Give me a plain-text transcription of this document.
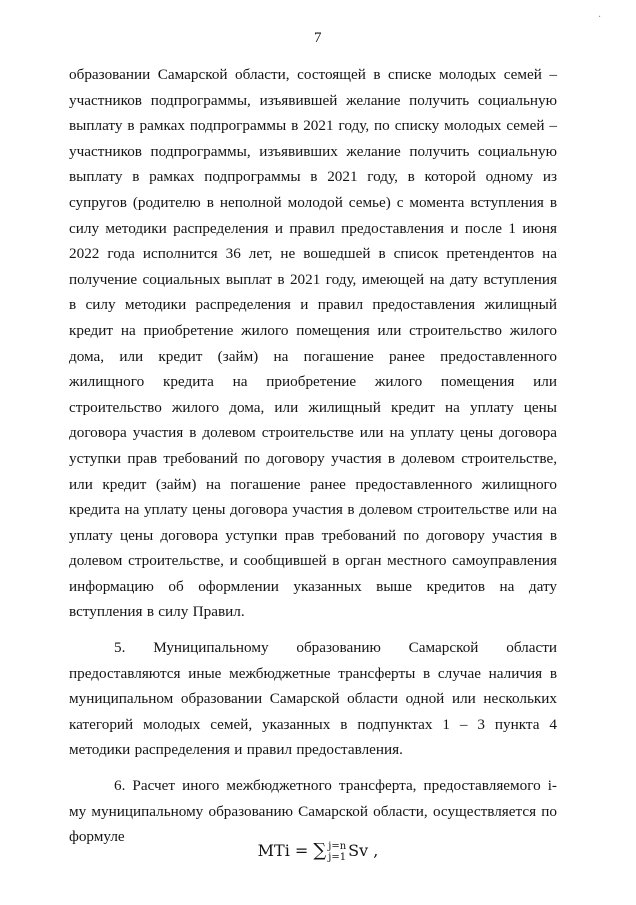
7

образовании Самарской области, состоящей в списке молодых семей – участников подпрограммы, изъявившей желание получить социальную выплату в рамках подпрограммы в 2021 году, по списку молодых семей – участников подпрограммы, изъявивших желание получить социальную выплату в рамках подпрограммы в 2021 году, в которой одному из супругов (родителю в неполной молодой семье) с момента вступления в силу методики распределения и правил предоставления и после 1 июня 2022 года исполнится 36 лет, не вошедшей в список претендентов на получение социальных выплат в 2021 году, имеющей на дату вступления в силу методики распределения и правил предоставления жилищный кредит на приобретение жилого помещения или строительство жилого дома, или кредит (займ) на погашение ранее предоставленного жилищного кредита на приобретение жилого помещения или строительство жилого дома, или жилищный кредит на уплату цены договора участия в долевом строительстве или на уплату цены договора уступки прав требований по договору участия в долевом строительстве, или кредит (займ) на погашение ранее предоставленного жилищного кредита на уплату цены договора участия в долевом строительстве или на уплату цены договора уступки прав требований по договору участия в долевом строительстве, и сообщившей в орган местного самоуправления информацию об оформлении указанных выше кредитов на дату вступления в силу Правил.

5. Муниципальному образованию Самарской области предоставляются иные межбюджетные трансферты в случае наличия в муниципальном образовании Самарской области одной или нескольких категорий молодых семей, указанных в подпунктах 1 – 3 пункта 4 методики распределения и правил предоставления.

6. Расчет иного межбюджетного трансферта, предоставляемого i-му муниципальному образованию Самарской области, осуществляется по формуле

MTi = ∑ j=n
j=1 Sv ,
·
